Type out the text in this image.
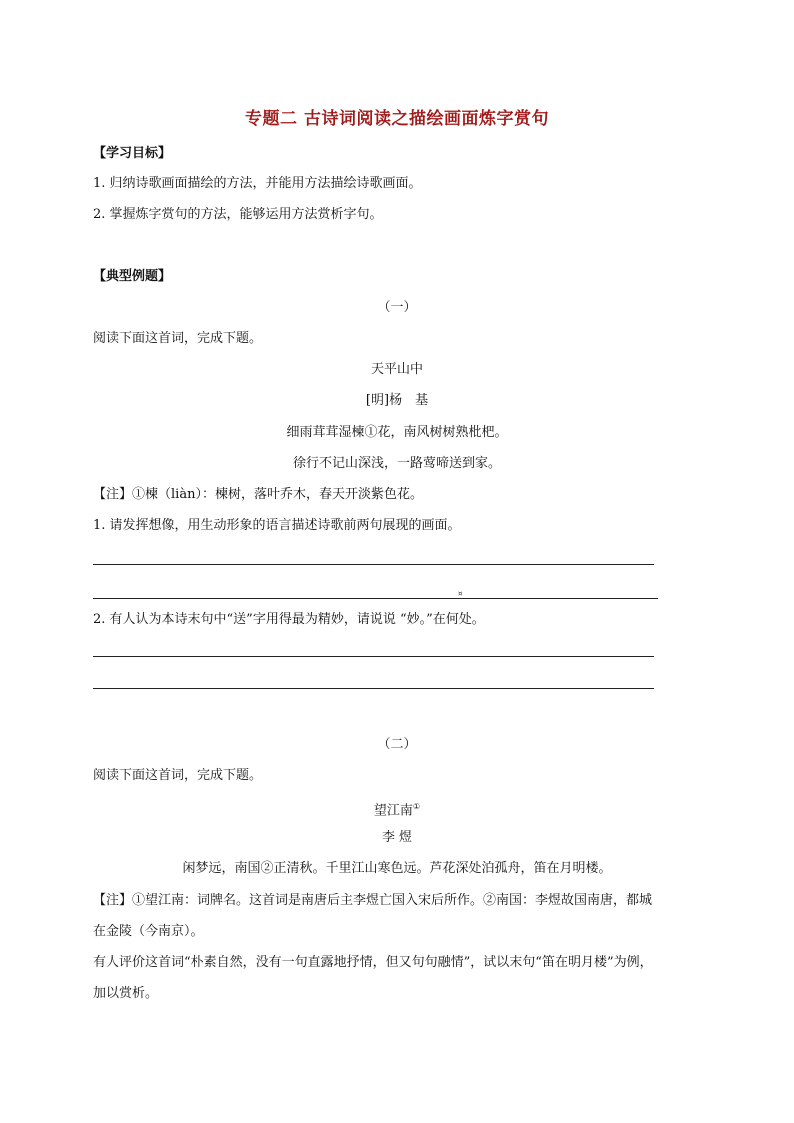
专题二 古诗词阅读之描绘画面炼字赏句
【学习目标】
1. 归纳诗歌画面描绘的方法，并能用方法描绘诗歌画面。
2. 掌握炼字赏句的方法，能够运用方法赏析字句。
【典型例题】
（一）
阅读下面这首词，完成下题。
天平山中
[明]杨　基
细雨茸茸湿楝①花，南风树树熟枇杷。
徐行不记山深浅，一路莺啼送到家。
【注】①楝（liàn）：楝树，落叶乔木，春天开淡紫色花。
1. 请发挥想像，用生动形象的语言描述诗歌前两句展现的画面。
¤
2. 有人认为本诗末句中“送”字用得最为精妙，请说说 “妙。”在何处。
（二）
阅读下面这首词，完成下题。
望江南①
李 煜
闲梦远，南国②正清秋。千里江山寒色远。芦花深处泊孤舟，笛在月明楼。
【注】①望江南：词牌名。这首词是南唐后主李煜亡国入宋后所作。②南国：李煜故国南唐，都城
在金陵（今南京）。
有人评价这首词“朴素自然，没有一句直露地抒情，但又句句融情”，试以末句“笛在明月楼”为例，
加以赏析。
